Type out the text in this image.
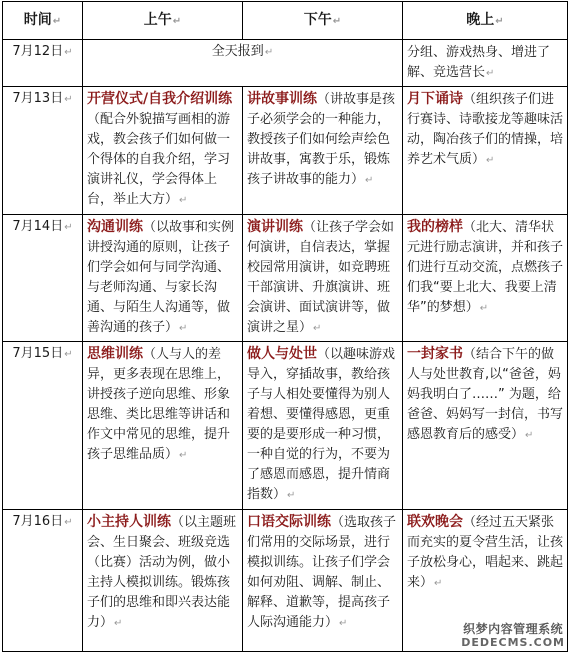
时间↵	上午↵	下午↵	晚上↵
7月12日↵	全天报到↵		分组、游戏热身、增进了解、竞选营长↵
7月13日↵	开营仪式/自我介绍训练（配合外貌描写画相的游戏，教会孩子们如何做一个得体的自我介绍，学习演讲礼仪，学会得体上台，举止大方）↵	讲故事训练（讲故事是孩子必须学会的一种能力，教授孩子们如何绘声绘色讲故事，寓教于乐，锻炼孩子讲故事的能力）↵	月下诵诗（组织孩子们进行赛诗、诗歌接龙等趣味活动，陶冶孩子们的情操，培养艺术气质）↵
7月14日↵	沟通训练（以故事和实例讲授沟通的原则，让孩子们学会如何与同学沟通、与老师沟通、与家长沟通、与陌生人沟通等，做善沟通的孩子）↵	演讲训练（让孩子学会如何演讲，自信表达，掌握校园常用演讲，如竞聘班干部演讲、升旗演讲、班会演讲、面试演讲等，做演讲之星）↵	我的榜样（北大、清华状元进行励志演讲，并和孩子们进行互动交流，点燃孩子们我“要上北大、我要上清华”的梦想）↵
7月15日↵	思维训练（人与人的差异，更多表现在思维上，讲授孩子逆向思维、形象思维、类比思维等讲话和作文中常见的思维，提升孩子思维品质）↵	做人与处世（以趣味游戏导入，穿插故事，教给孩子与人相处要懂得为别人着想、要懂得感恩，更重要的是要形成一种习惯，一种自觉的行为，不要为了感恩而感恩，提升情商指数）↵	一封家书（结合下午的做人与处世教育,以“爸爸，妈妈我明白了……” 为题，给爸爸、妈妈写一封信，书写感恩教育后的感受）↵
7月16日↵	小主持人训练（以主题班会、生日聚会、班级竞选（比赛）活动为例，做小主持人模拟训练。锻炼孩子们的思维和即兴表达能力）↵	口语交际训练（选取孩子们常用的交际场景，进行模拟训练。让孩子们学会如何劝阻、调解、制止、解释、道歉等，提高孩子人际沟通能力）↵	联欢晚会（经过五天紧张而充实的夏令营生活，让孩子放松身心，唱起来、跳起来）↵
织梦内容管理系统
DEDECMS.COM
